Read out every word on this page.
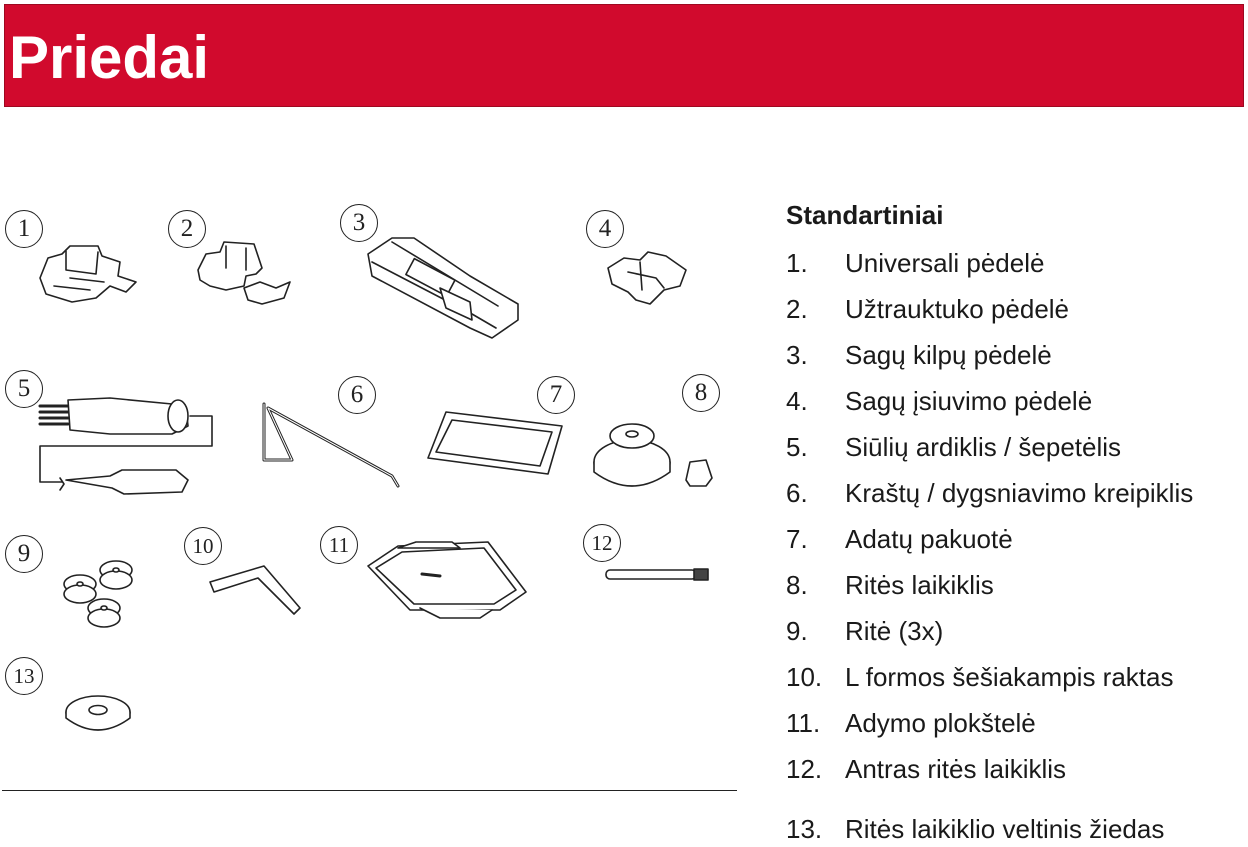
Priedai
1	2	3	4
5	6	7	8
9	10	11	12
13
Standartiniai
1. Universali pėdelė
2. Užtrauktuko pėdelė
3. Sagų kilpų pėdelė
4. Sagų įsiuvimo pėdelė
5. Siūlių ardiklis / šepetėlis
6. Kraštų / dygsniavimo kreipiklis
7. Adatų pakuotė
8. Ritės laikiklis
9. Ritė (3x)
10. L formos šešiakampis raktas
11. Adymo plokštelė
12. Antras ritės laikiklis
13. Ritės laikiklio veltinis žiedas
